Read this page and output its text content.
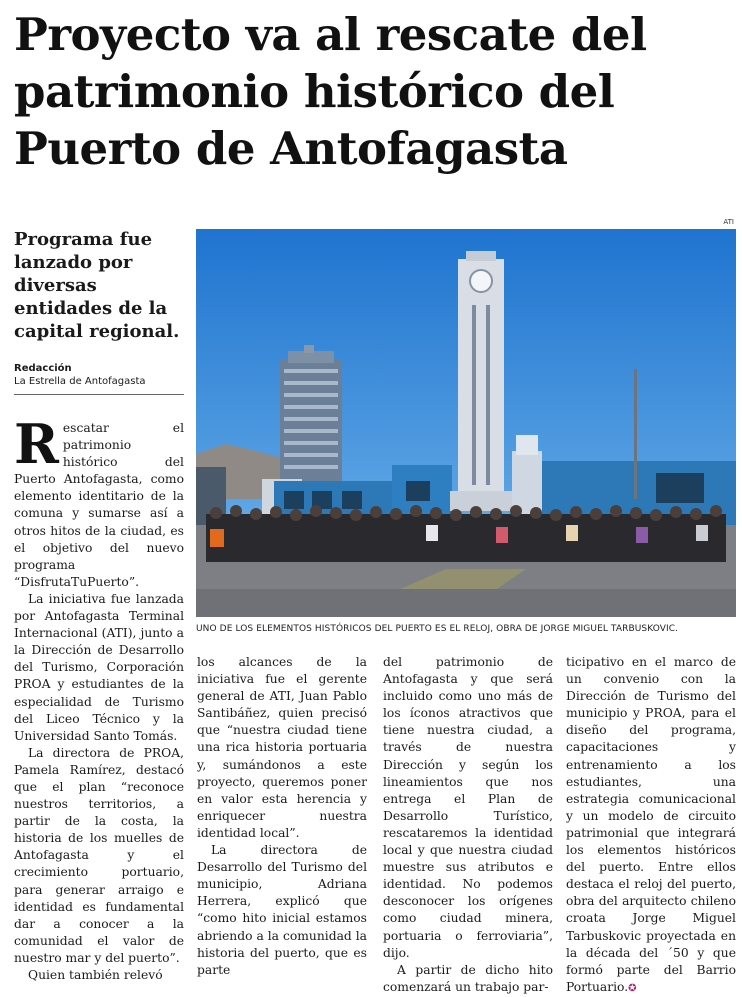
Proyecto va al rescate del patrimonio histórico del Puerto de Antofagasta
ATI
UNO DE LOS ELEMENTOS HISTÓRICOS DEL PUERTO ES EL RELOJ, OBRA DE JORGE MIGUEL TARBUSKOVIC.
Programa fue lanzado por diversas entidades de la capital regional.
Redacción
La Estrella de Antofagasta
R escatar el patrimonio histórico del Puerto Antofagasta, como elemento identitario de la comuna y sumarse así a otros hitos de la ciudad, es el objetivo del nuevo programa “DisfrutaTuPuerto”.

La iniciativa fue lanzada por Antofagasta Terminal Internacional (ATI), junto a la Dirección de Desarrollo del Turismo, Corporación PROA y estudiantes de la especialidad de Turismo del Liceo Técnico y la Universidad Santo Tomás.

La directora de PROA, Pamela Ramírez, destacó que el plan “reconoce nuestros territorios, a partir de la costa, la historia de los muelles de Antofagasta y el crecimiento portuario, para generar arraigo e identidad es fundamental dar a conocer a la comunidad el valor de nuestro mar y del puerto”.

Quien también relevó

los alcances de la iniciativa fue el gerente general de ATI, Juan Pablo Santibáñez, quien precisó que “nuestra ciudad tiene una rica historia portuaria y, sumándonos a este proyecto, queremos poner en valor esta herencia y enriquecer nuestra identidad local”.

La directora de Desarrollo del Turismo del municipio, Adriana Herrera, explicó que “como hito inicial estamos abriendo a la comunidad la historia del puerto, que es parte

del patrimonio de Antofagasta y que será incluido como uno más de los íconos atractivos que tiene nuestra ciudad, a través de nuestra Dirección y según los lineamientos que nos entrega el Plan de Desarrollo Turístico, rescataremos la identidad local y que nuestra ciudad muestre sus atributos e identidad. No podemos desconocer los orígenes como ciudad minera, portuaria o ferroviaria”, dijo.

A partir de dicho hito comenzará un trabajo par-

ticipativo en el marco de un convenio con la Dirección de Turismo del municipio y PROA, para el diseño del programa, capacitaciones y entrenamiento a los estudiantes, una estrategia comunicacional y un modelo de circuito patrimonial que integrará los elementos históricos del puerto. Entre ellos destaca el reloj del puerto, obra del arquitecto chileno croata Jorge Miguel Tarbuskovic proyectada en la década del ´50 y que formó parte del Barrio Portuario.✪
